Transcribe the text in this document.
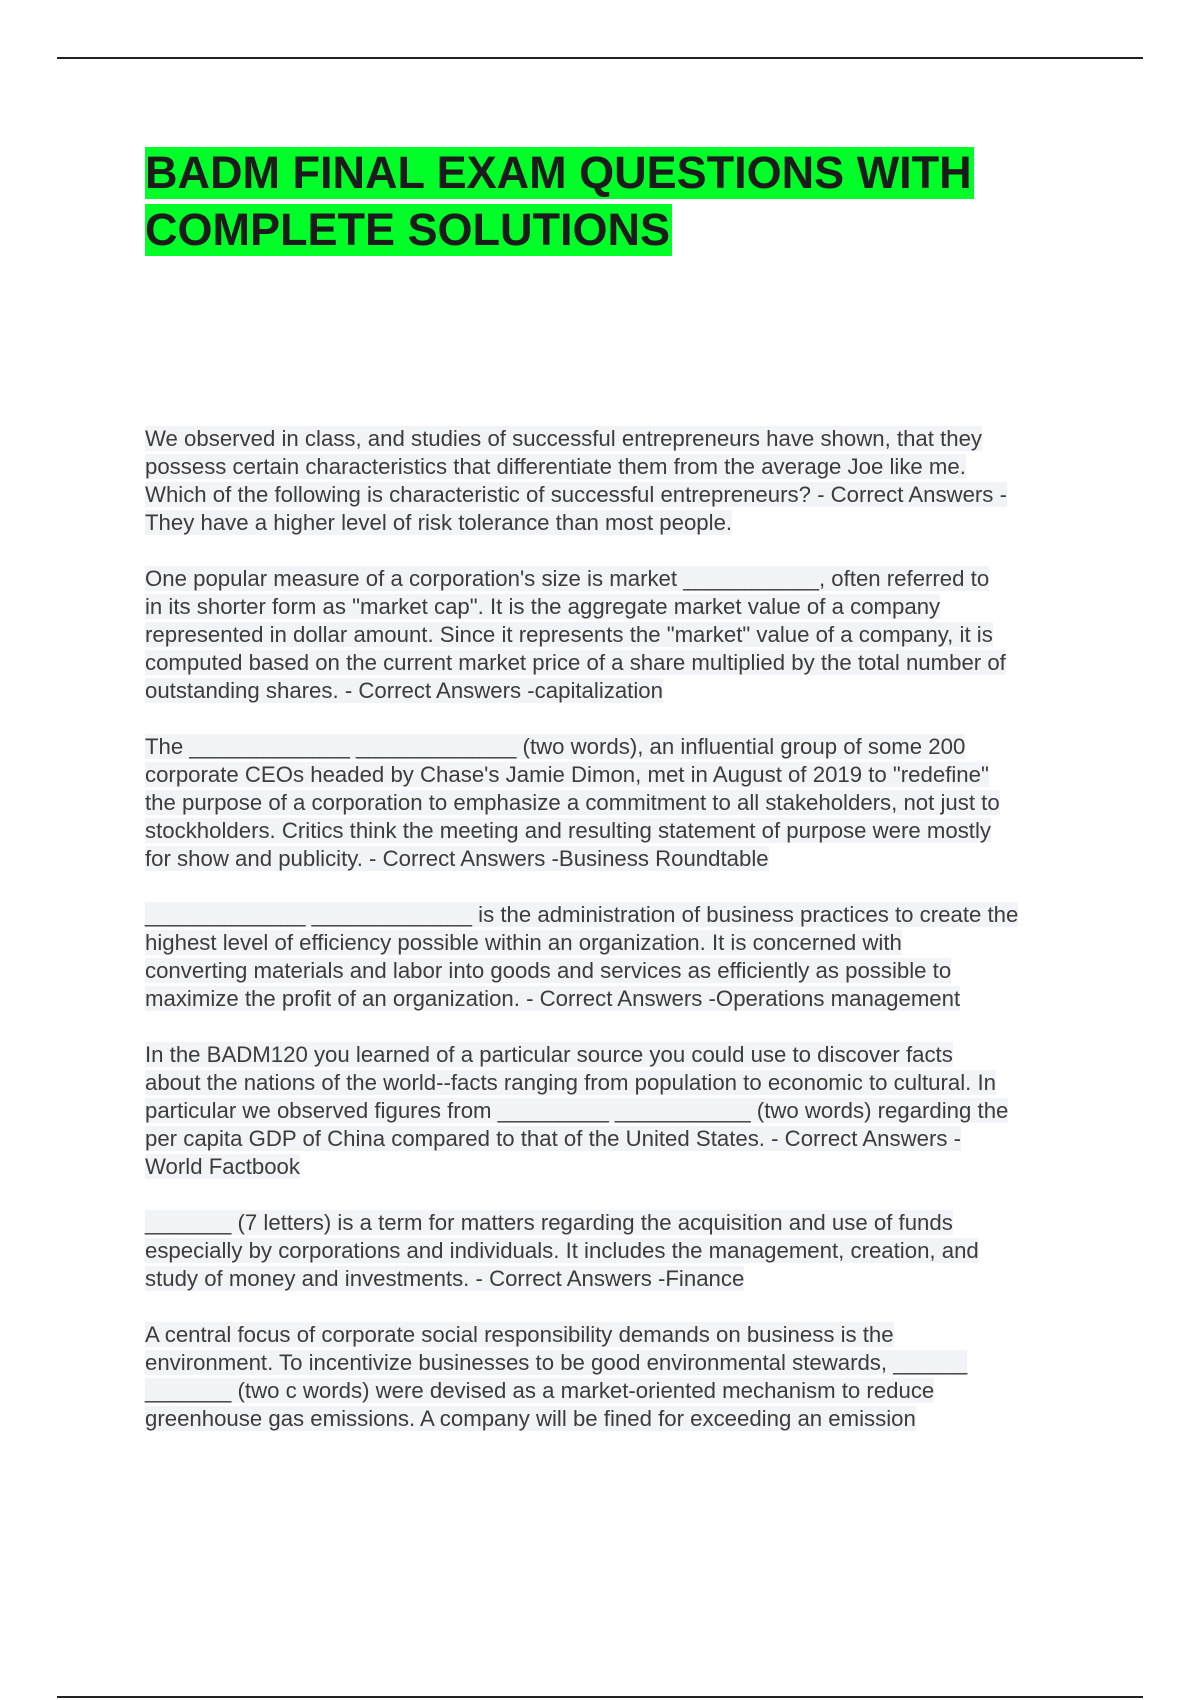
BADM FINAL EXAM QUESTIONS WITH

COMPLETE SOLUTIONS

We observed in class, and studies of successful entrepreneurs have shown, that they
possess certain characteristics that differentiate them from the average Joe like me.
Which of the following is characteristic of successful entrepreneurs? - Correct Answers -
They have a higher level of risk tolerance than most people.

One popular measure of a corporation's size is market ___________, often referred to
in its shorter form as "market cap". It is the aggregate market value of a company
represented in dollar amount. Since it represents the "market" value of a company, it is
computed based on the current market price of a share multiplied by the total number of
outstanding shares. - Correct Answers -capitalization

The _____________ _____________ (two words), an influential group of some 200
corporate CEOs headed by Chase's Jamie Dimon, met in August of 2019 to "redefine"
the purpose of a corporation to emphasize a commitment to all stakeholders, not just to
stockholders. Critics think the meeting and resulting statement of purpose were mostly
for show and publicity. - Correct Answers -Business Roundtable

_____________ _____________ is the administration of business practices to create the
highest level of efficiency possible within an organization. It is concerned with
converting materials and labor into goods and services as efficiently as possible to
maximize the profit of an organization. - Correct Answers -Operations management

In the BADM120 you learned of a particular source you could use to discover facts
about the nations of the world--facts ranging from population to economic to cultural. In
particular we observed figures from _________ ___________ (two words) regarding the
per capita GDP of China compared to that of the United States. - Correct Answers -
World Factbook

_______ (7 letters) is a term for matters regarding the acquisition and use of funds
especially by corporations and individuals. It includes the management, creation, and
study of money and investments. - Correct Answers -Finance

A central focus of corporate social responsibility demands on business is the
environment. To incentivize businesses to be good environmental stewards, ______
_______ (two c words) were devised as a market-oriented mechanism to reduce
greenhouse gas emissions. A company will be fined for exceeding an emission
